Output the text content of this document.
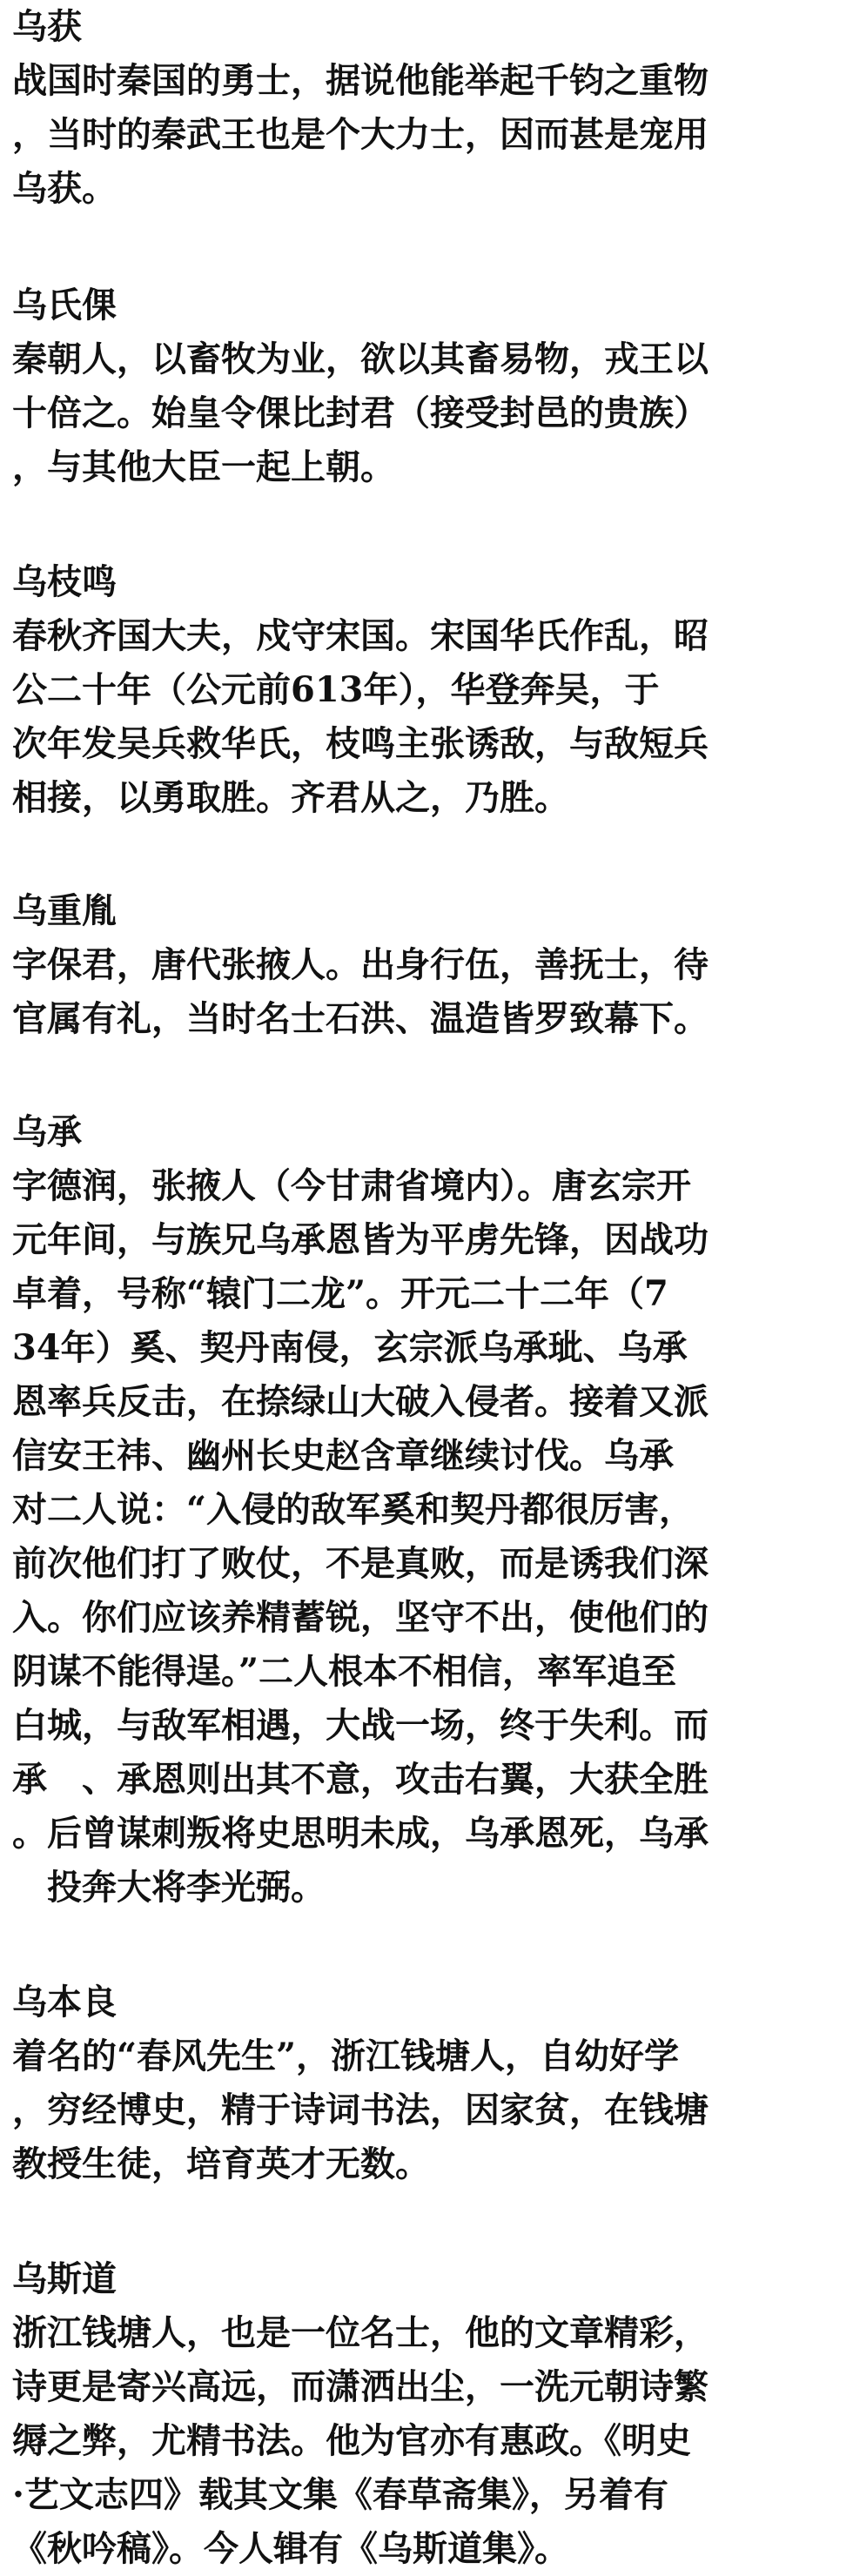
乌获
战国时秦国的勇士，据说他能举起千钧之重物
，当时的秦武王也是个大力士，因而甚是宠用
乌获。
乌氏倮
秦朝人，以畜牧为业，欲以其畜易物，戎王以
十倍之。始皇令倮比封君（接受封邑的贵族）
，与其他大臣一起上朝。
乌枝鸣
春秋齐国大夫，戍守宋国。宋国华氏作乱，昭
公二十年（公元前613年），华登奔吴，于
次年发吴兵救华氏，枝鸣主张诱敌，与敌短兵
相接，以勇取胜。齐君从之，乃胜。
乌重胤
字保君，唐代张掖人。出身行伍，善抚士，待
官属有礼，当时名士石洪、温造皆罗致幕下。
乌承
字德润，张掖人（今甘肃省境内）。唐玄宗开
元年间，与族兄乌承恩皆为平虏先锋，因战功
卓着，号称“辕门二龙”。开元二十二年（7
34年）奚、契丹南侵，玄宗派乌承玼、乌承
恩率兵反击，在捺绿山大破入侵者。接着又派
信安王祎、幽州长史赵含章继续讨伐。乌承
对二人说：“入侵的敌军奚和契丹都很厉害，
前次他们打了败仗，不是真败，而是诱我们深
入。你们应该养精蓄锐，坚守不出，使他们的
阴谋不能得逞。”二人根本不相信，率军追至
白城，与敌军相遇，大战一场，终于失利。而
承　、承恩则出其不意，攻击右翼，大获全胜
。后曾谋刺叛将史思明未成，乌承恩死，乌承
　投奔大将李光弼。
乌本良
着名的“春风先生”，浙江钱塘人，自幼好学
，穷经博史，精于诗词书法，因家贫，在钱塘
教授生徒，培育英才无数。
乌斯道
浙江钱塘人，也是一位名士，他的文章精彩，
诗更是寄兴高远，而潇洒出尘，一洗元朝诗繁
缛之弊，尤精书法。他为官亦有惠政。《明史
·艺文志四》载其文集《春草斋集》，另着有
《秋吟稿》。今人辑有《乌斯道集》。
